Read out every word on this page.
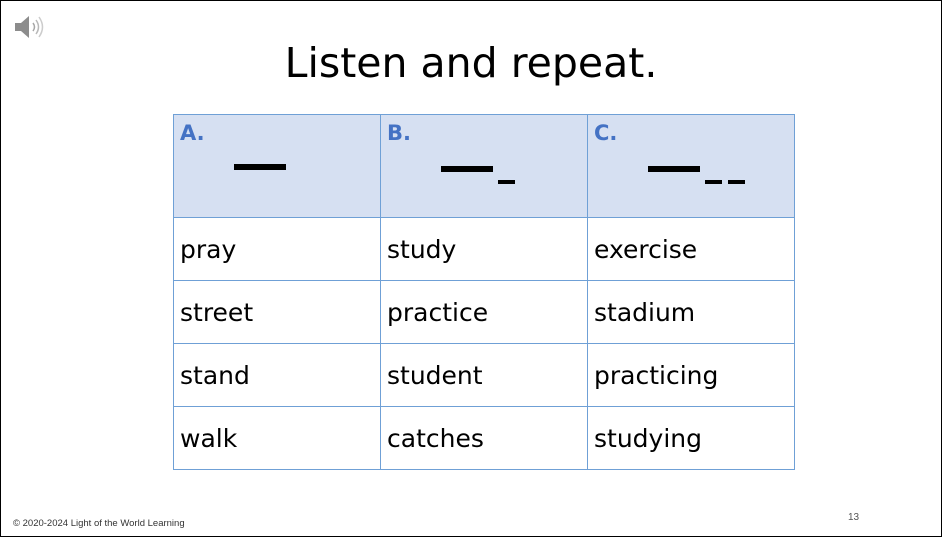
Listen and repeat.
A.	B.	C.

pray	study	exercise
street	practice	stadium
stand	student	practicing
walk	catches	studying
© 2020-2024 Light of the World Learning
13
